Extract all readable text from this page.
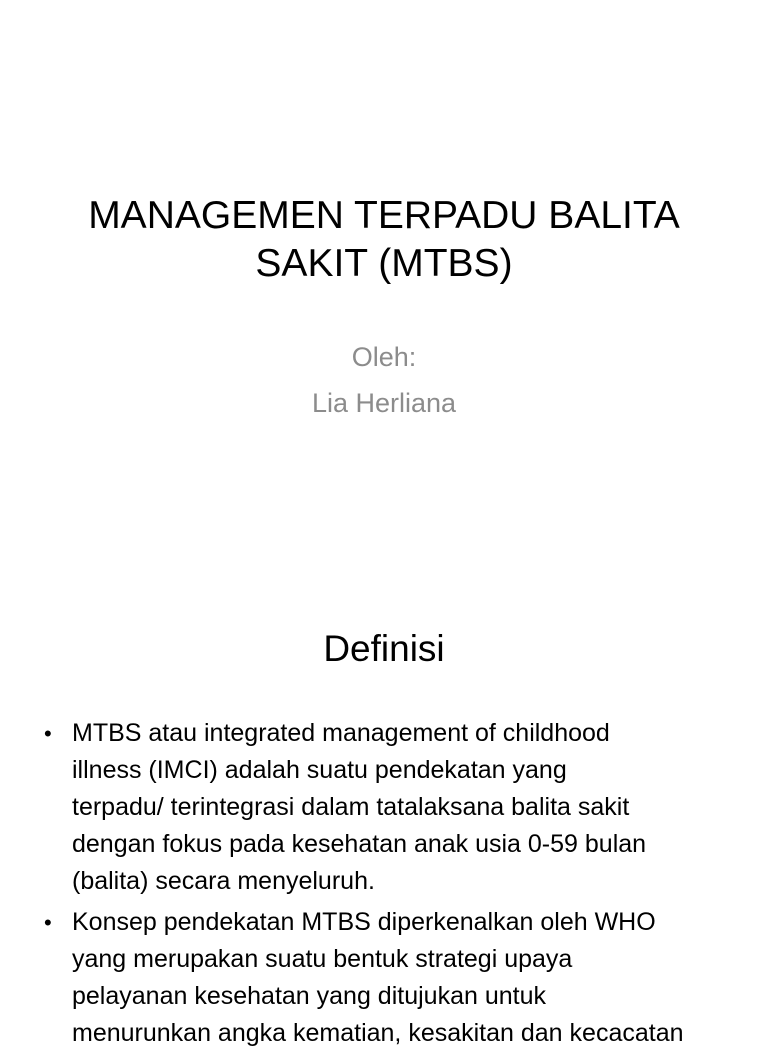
MANAGEMEN TERPADU BALITA
SAKIT (MTBS)
Oleh:
Lia Herliana
Definisi
• MTBS atau integrated management of childhood
illness (IMCI) adalah suatu pendekatan yang
terpadu/ terintegrasi dalam tatalaksana balita sakit
dengan fokus pada kesehatan anak usia 0-59 bulan
(balita) secara menyeluruh.
• Konsep pendekatan MTBS diperkenalkan oleh WHO
yang merupakan suatu bentuk strategi upaya
pelayanan kesehatan yang ditujukan untuk
menurunkan angka kematian, kesakitan dan kecacatan
